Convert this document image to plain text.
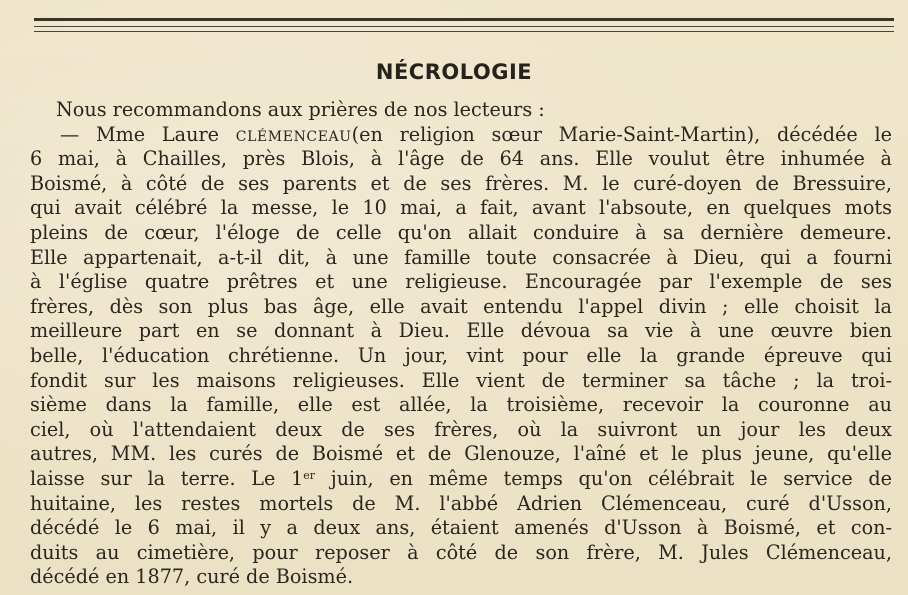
NÉCROLOGIE
Nous recommandons aux prières de nos lecteurs :
— Mme Laure CLÉMENCEAU(en religion sœur Marie-Saint-Martin), décédée le
6 mai, à Chailles, près Blois, à l'âge de 64 ans. Elle voulut être inhumée à
Boismé, à côté de ses parents et de ses frères. M. le curé-doyen de Bressuire,
qui avait célébré la messe, le 10 mai, a fait, avant l'absoute, en quelques mots
pleins de cœur, l'éloge de celle qu'on allait conduire à sa dernière demeure.
Elle appartenait, a-t-il dit, à une famille toute consacrée à Dieu, qui a fourni
à l'église quatre prêtres et une religieuse. Encouragée par l'exemple de ses
frères, dès son plus bas âge, elle avait entendu l'appel divin ; elle choisit la
meilleure part en se donnant à Dieu. Elle dévoua sa vie à une œuvre bien
belle, l'éducation chrétienne. Un jour, vint pour elle la grande épreuve qui
fondit sur les maisons religieuses. Elle vient de terminer sa tâche ; la troi-
sième dans la famille, elle est allée, la troisième, recevoir la couronne au
ciel, où l'attendaient deux de ses frères, où la suivront un jour les deux
autres, MM. les curés de Boismé et de Glenouze, l'aîné et le plus jeune, qu'elle
laisse sur la terre. Le 1er juin, en même temps qu'on célébrait le service de
huitaine, les restes mortels de M. l'abbé Adrien Clémenceau, curé d'Usson,
décédé le 6 mai, il y a deux ans, étaient amenés d'Usson à Boismé, et con-
duits au cimetière, pour reposer à côté de son frère, M. Jules Clémenceau,
décédé en 1877, curé de Boismé.
